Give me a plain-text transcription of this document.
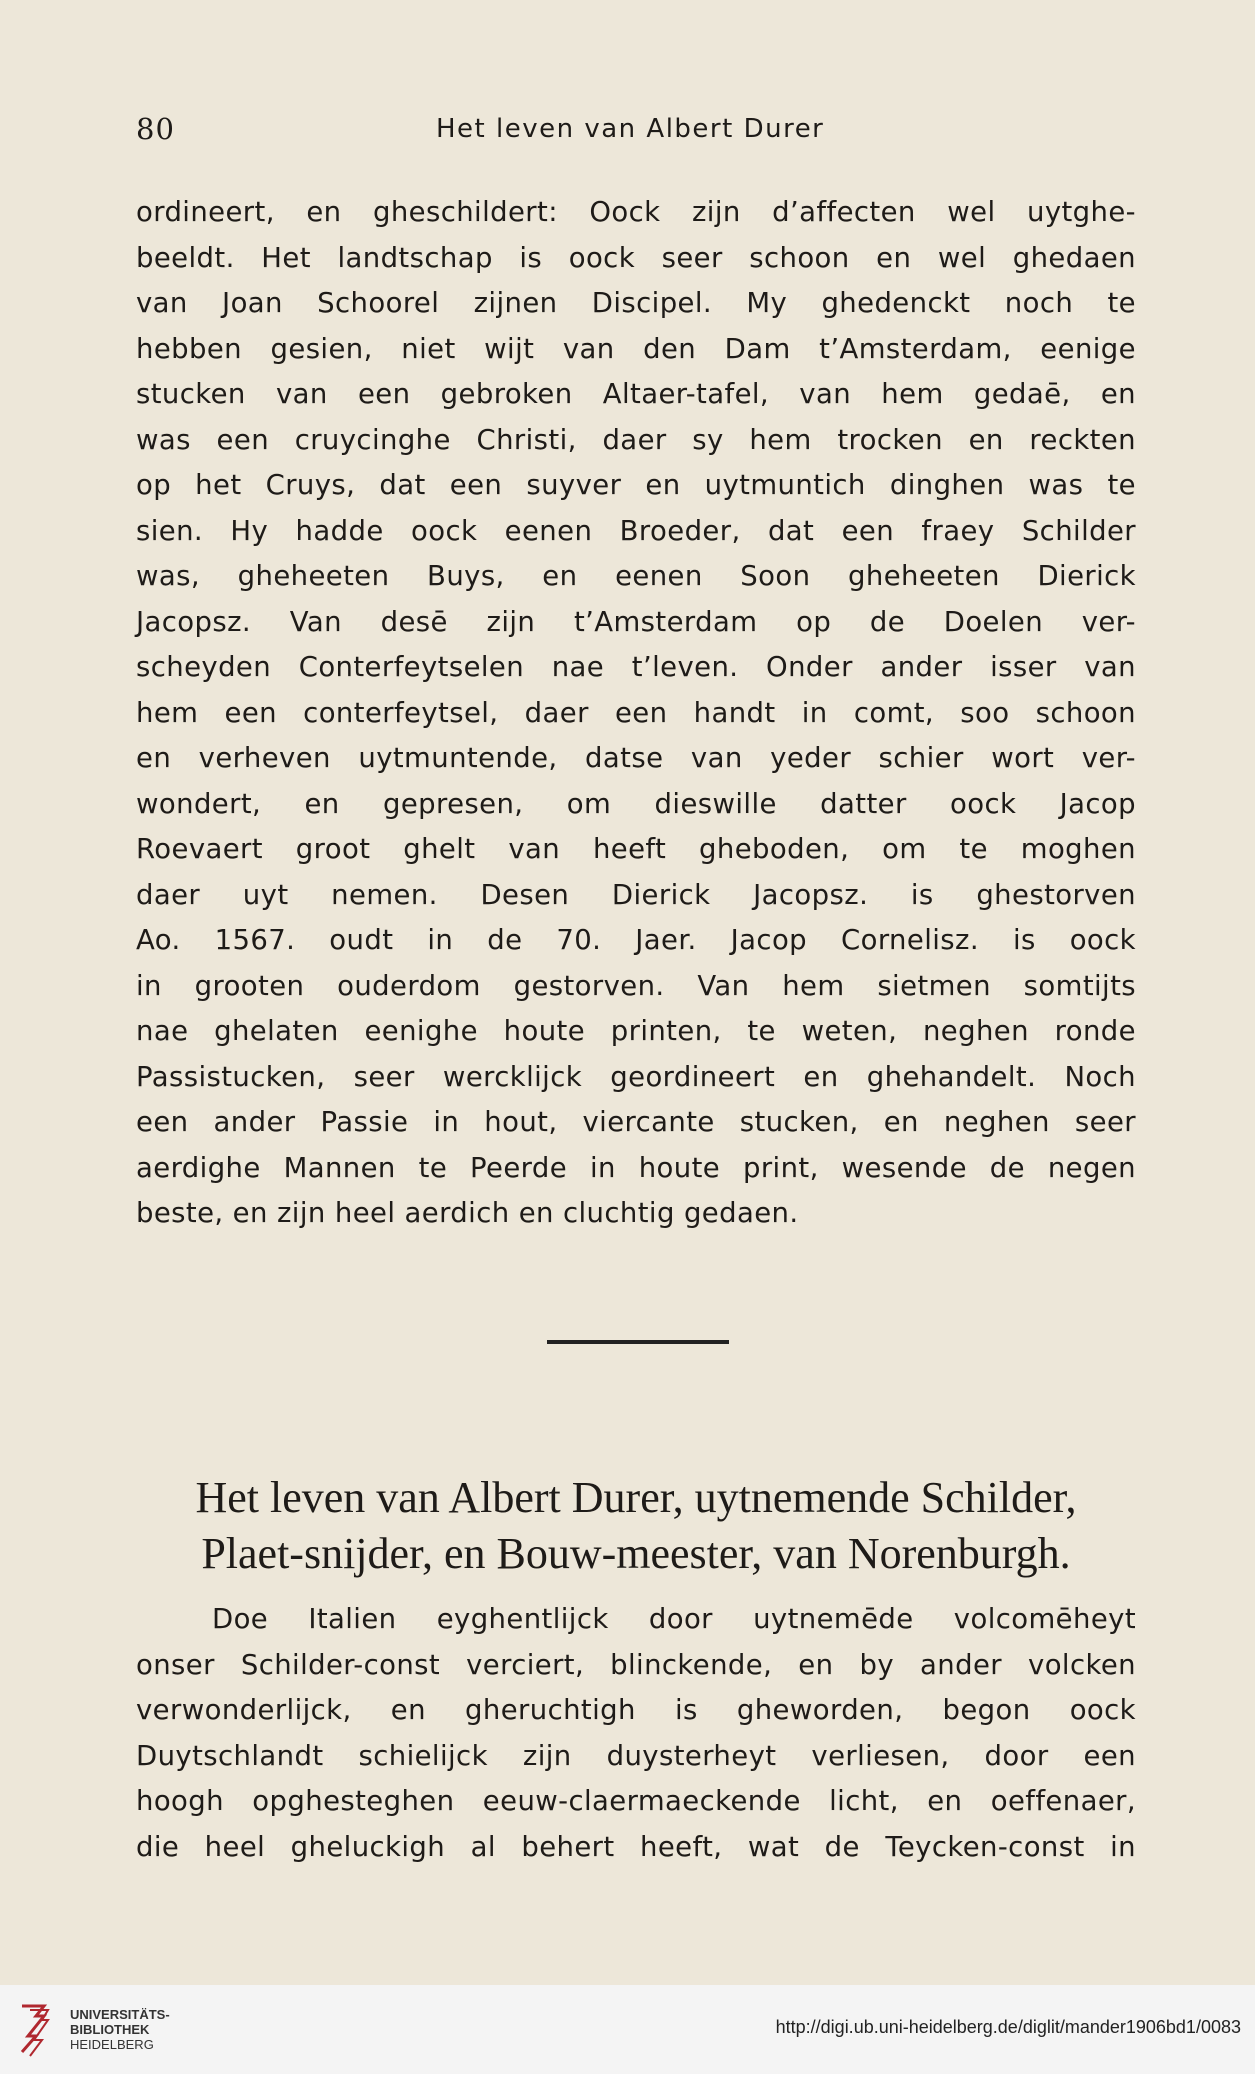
80	Het leven van Albert Durer
ordineert, en gheschildert: Oock zijn d’affecten wel uytghe-
beeldt. Het landtschap is oock seer schoon en wel ghedaen
van Joan Schoorel zijnen Discipel. My ghedenckt noch te
hebben gesien, niet wijt van den Dam t’Amsterdam, eenige
stucken van een gebroken Altaer-tafel, van hem gedaē, en
was een cruycinghe Christi, daer sy hem trocken en reckten
op het Cruys, dat een suyver en uytmuntich dinghen was te
sien. Hy hadde oock eenen Broeder, dat een fraey Schilder
was, gheheeten Buys, en eenen Soon gheheeten Dierick
Jacopsz. Van desē zijn t’Amsterdam op de Doelen ver-
scheyden Conterfeytselen nae t’leven. Onder ander isser van
hem een conterfeytsel, daer een handt in comt, soo schoon
en verheven uytmuntende, datse van yeder schier wort ver-
wondert, en gepresen, om dieswille datter oock Jacop
Roevaert groot ghelt van heeft gheboden, om te moghen
daer uyt nemen. Desen Dierick Jacopsz. is ghestorven
Ao. 1567. oudt in de 70. Jaer. Jacop Cornelisz. is oock
in grooten ouderdom gestorven. Van hem sietmen somtijts
nae ghelaten eenighe houte printen, te weten, neghen ronde
Passistucken, seer wercklijck geordineert en ghehandelt. Noch
een ander Passie in hout, viercante stucken, en neghen seer
aerdighe Mannen te Peerde in houte print, wesende de negen
beste, en zijn heel aerdich en cluchtig gedaen.
Het leven van Albert Durer, uytnemende Schilder,
Plaet-snijder, en Bouw-meester, van Norenburgh.
Doe Italien eyghentlijck door uytnemēde volcomēheyt
onser Schilder-const verciert, blinckende, en by ander volcken
verwonderlijck, en gheruchtigh is gheworden, begon oock
Duytschlandt schielijck zijn duysterheyt verliesen, door een
hoogh opghesteghen eeuw-claermaeckende licht, en oeffenaer,
die heel gheluckigh al behert heeft, wat de Teycken-const in
UNIVERSITÄTS-
BIBLIOTHEK
HEIDELBERG
http://digi.ub.uni-heidelberg.de/diglit/mander1906bd1/0083
